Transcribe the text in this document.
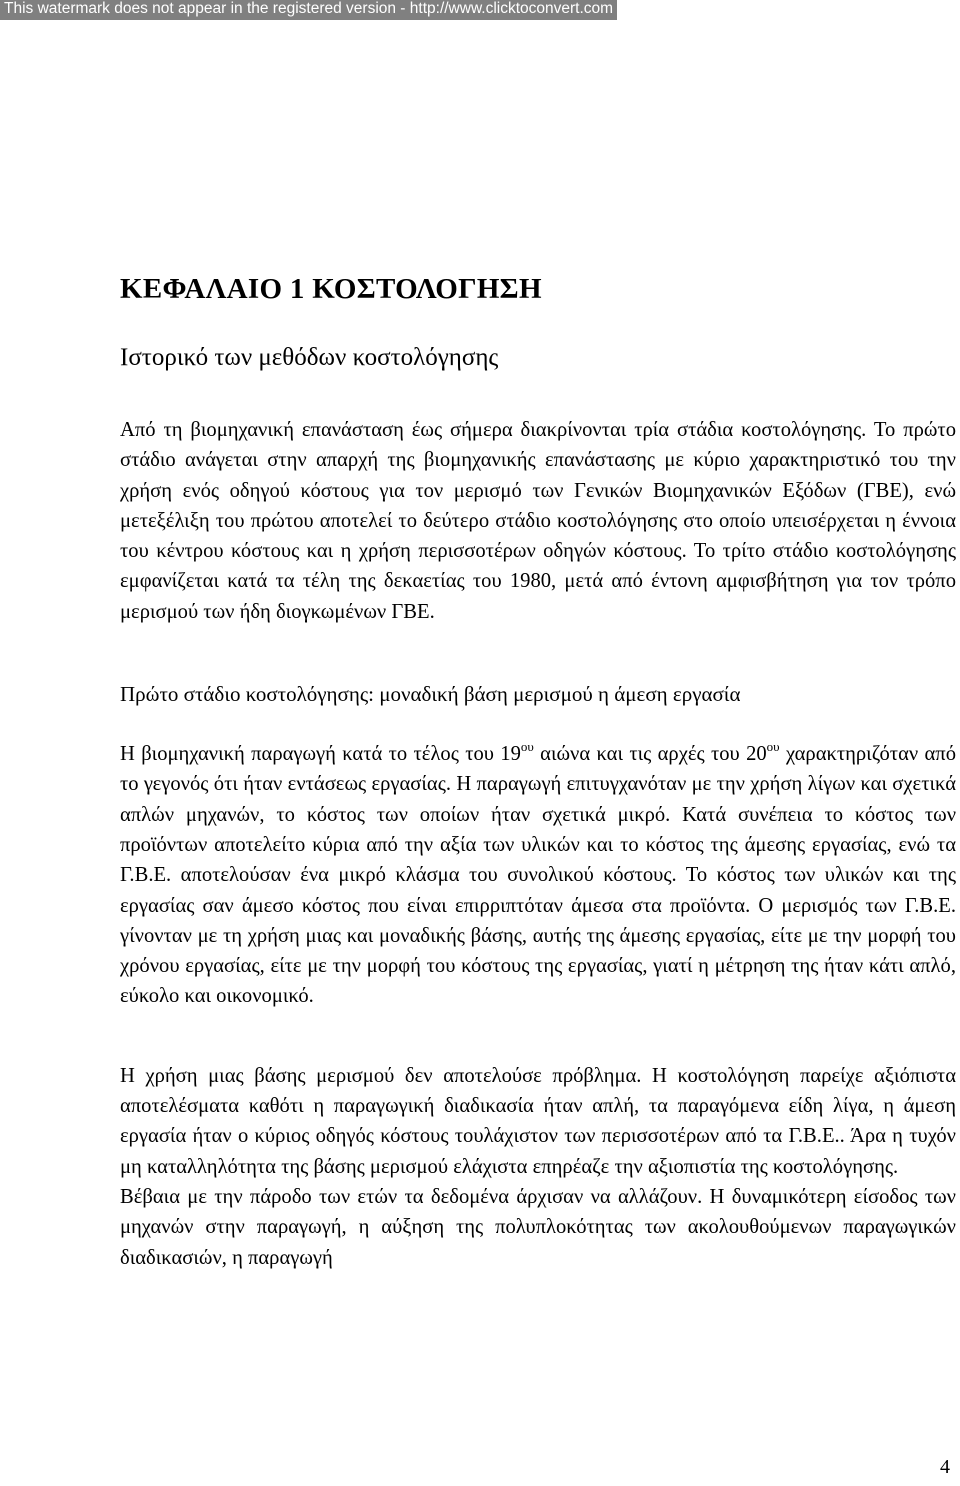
This watermark does not appear in the registered version - http://www.clicktoconvert.com
ΚΕΦΑΛΑΙΟ 1 ΚΟΣΤΟΛΟΓΗΣΗ
Ιστορικό των μεθόδων κοστολόγησης

Από τη βιομηχανική επανάσταση έως σήμερα διακρίνονται τρία στάδια κοστολόγησης. Το πρώτο στάδιο ανάγεται στην απαρχή της βιομηχανικής επανάστασης με κύριο χαρακτηριστικό του την χρήση ενός οδηγού κόστους για τον μερισμό των Γενικών Βιομηχανικών Εξόδων (ΓΒΕ), ενώ μετεξέλιξη του πρώτου αποτελεί το δεύτερο στάδιο κοστολόγησης στο οποίο υπεισέρχεται η έννοια του κέντρου κόστους και η χρήση περισσοτέρων οδηγών κόστους. Το τρίτο στάδιο κοστολόγησης εμφανίζεται κατά τα τέλη της δεκαετίας του 1980, μετά από έντονη αμφισβήτηση για τον τρόπο μερισμού των ήδη διογκωμένων ΓΒΕ.

Πρώτο στάδιο κοστολόγησης: μοναδική βάση μερισμού η άμεση εργασία

Η βιομηχανική παραγωγή κατά το τέλος του $19^{o\upsilon}$ αιώνα και τις αρχές του $20^{o\upsilon}$ χαρακτηριζόταν από το γεγονός ότι ήταν εντάσεως εργασίας. Η παραγωγή επιτυγχανόταν με την χρήση λίγων και σχετικά απλών μηχανών, το κόστος των οποίων ήταν σχετικά μικρό. Κατά συνέπεια το κόστος των προϊόντων αποτελείτο κύρια από την αξία των υλικών και το κόστος της άμεσης εργασίας, ενώ τα Γ.Β.Ε. αποτελούσαν ένα μικρό κλάσμα του συνολικού κόστους. Το κόστος των υλικών και της εργασίας σαν άμεσο κόστος που είναι επιρριπτόταν άμεσα στα προϊόντα. Ο μερισμός των Γ.Β.Ε. γίνονταν με τη χρήση μιας και μοναδικής βάσης, αυτής της άμεσης εργασίας, είτε με την μορφή του χρόνου εργασίας, είτε με την μορφή του κόστους της εργασίας, γιατί η μέτρηση της ήταν κάτι απλό, εύκολο και οικονομικό.

Η χρήση μιας βάσης μερισμού δεν αποτελούσε πρόβλημα. Η κοστολόγηση παρείχε αξιόπιστα αποτελέσματα καθότι η παραγωγική διαδικασία ήταν απλή, τα παραγόμενα είδη λίγα, η άμεση εργασία ήταν ο κύριος οδηγός κόστους τουλάχιστον των περισσοτέρων από τα Γ.Β.Ε.. Άρα η τυχόν μη καταλληλότητα της βάσης μερισμού ελάχιστα επηρέαζε την αξιοπιστία της κοστολόγησης.

Βέβαια με την πάροδο των ετών τα δεδομένα άρχισαν να αλλάζουν. Η δυναμικότερη είσοδος των μηχανών στην παραγωγή, η αύξηση της πολυπλοκότητας των ακολουθούμενων παραγωγικών διαδικασιών, η παραγωγή

4
